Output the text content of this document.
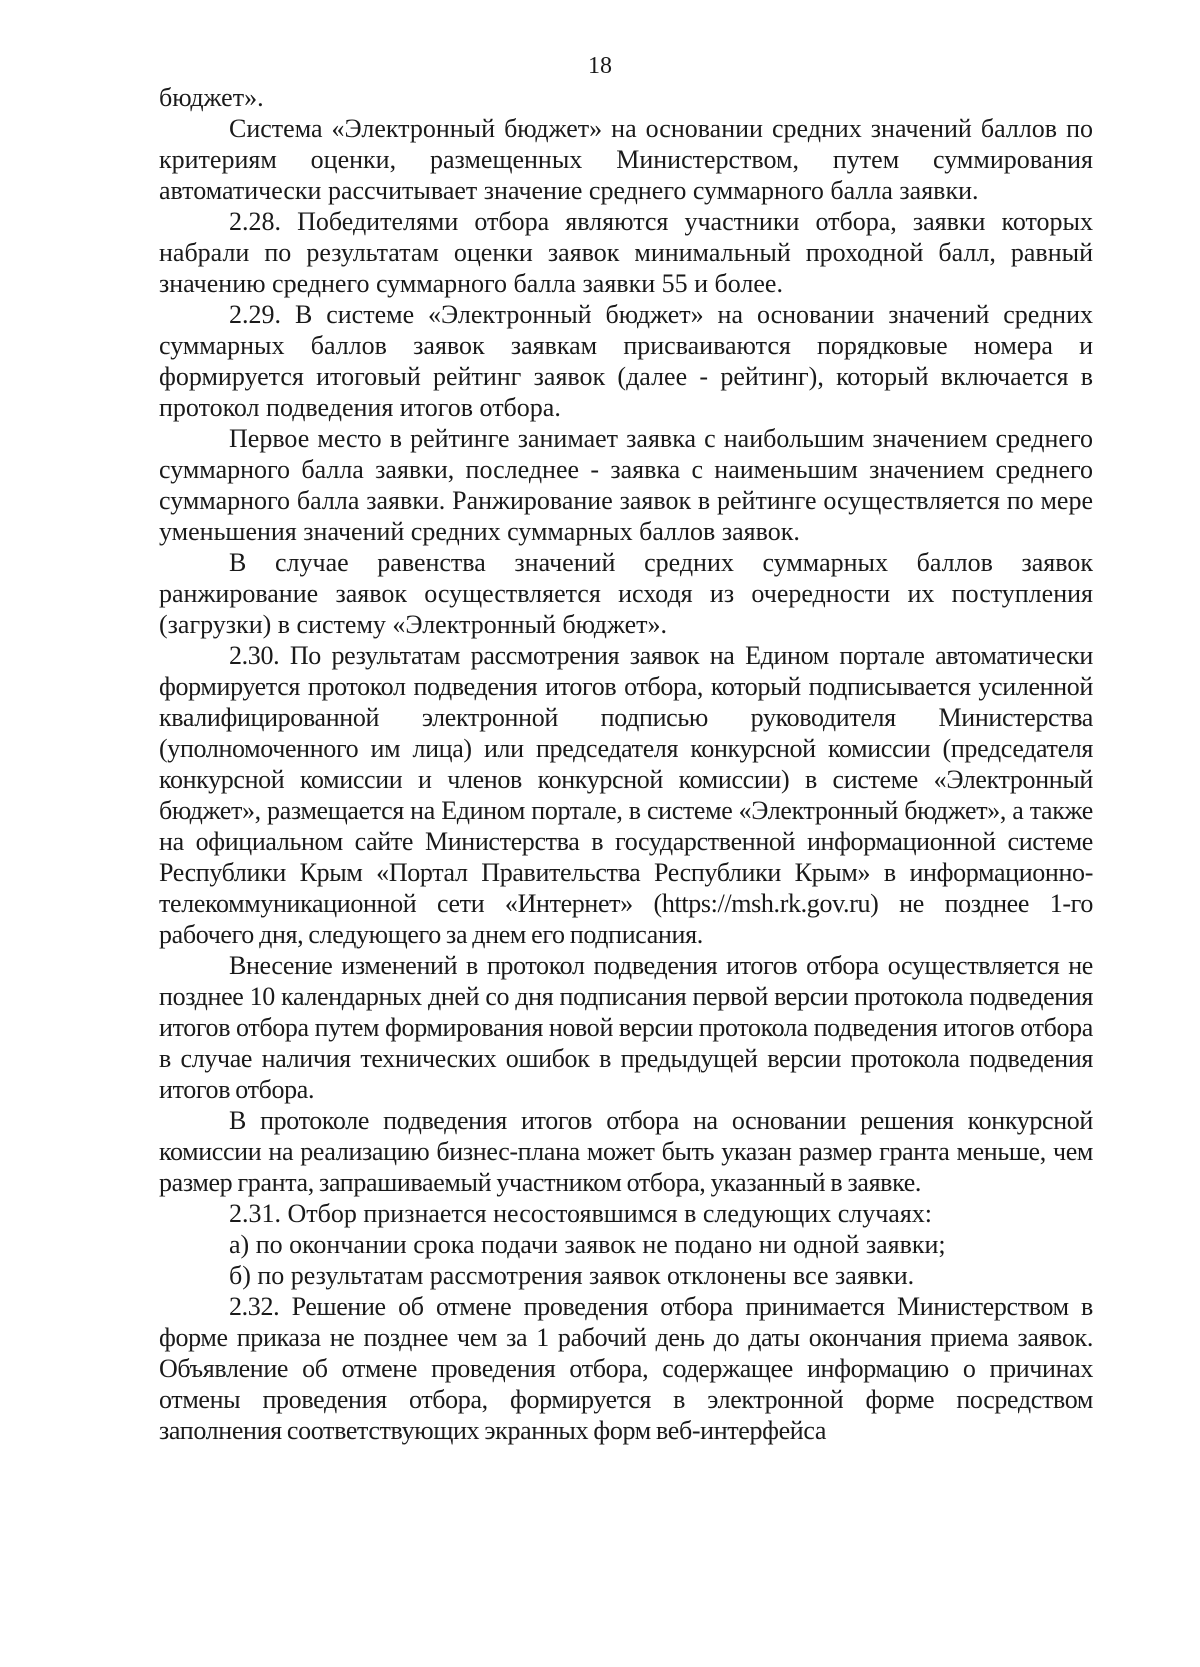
18

бюджет».

Система «Электронный бюджет» на основании средних значений баллов по критериям оценки, размещенных Министерством, путем суммирования автоматически рассчитывает значение среднего суммарного балла заявки.

2.28. Победителями отбора являются участники отбора, заявки которых набрали по результатам оценки заявок минимальный проходной балл, равный значению среднего суммарного балла заявки 55 и более.

2.29. В системе «Электронный бюджет» на основании значений средних суммарных баллов заявок заявкам присваиваются порядковые номера и формируется итоговый рейтинг заявок (далее - рейтинг), который включается в протокол подведения итогов отбора.

Первое место в рейтинге занимает заявка с наибольшим значением среднего суммарного балла заявки, последнее - заявка с наименьшим значением среднего суммарного балла заявки. Ранжирование заявок в рейтинге осуществляется по мере уменьшения значений средних суммарных баллов заявок.

В случае равенства значений средних суммарных баллов заявок ранжирование заявок осуществляется исходя из очередности их поступления (загрузки) в систему «Электронный бюджет».

2.30. По результатам рассмотрения заявок на Едином портале автоматически формируется протокол подведения итогов отбора, который подписывается усиленной квалифицированной электронной подписью руководителя Министерства (уполномоченного им лица) или председателя конкурсной комиссии (председателя конкурсной комиссии и членов конкурсной комиссии) в системе «Электронный бюджет», размещается на Едином портале, в системе «Электронный бюджет», а также на официальном сайте Министерства в государственной информационной системе Республики Крым «Портал Правительства Республики Крым» в информационно-телекоммуникационной сети «Интернет» (https://msh.rk.gov.ru) не позднее 1-го рабочего дня, следующего за днем его подписания.

Внесение изменений в протокол подведения итогов отбора осуществляется не позднее 10 календарных дней со дня подписания первой версии протокола подведения итогов отбора путем формирования новой версии протокола подведения итогов отбора в случае наличия технических ошибок в предыдущей версии протокола подведения итогов отбора.

В протоколе подведения итогов отбора на основании решения конкурсной комиссии на реализацию бизнес-плана может быть указан размер гранта меньше, чем размер гранта, запрашиваемый участником отбора, указанный в заявке.

2.31. Отбор признается несостоявшимся в следующих случаях:

а) по окончании срока подачи заявок не подано ни одной заявки;

б) по результатам рассмотрения заявок отклонены все заявки.

2.32. Решение об отмене проведения отбора принимается Министерством в форме приказа не позднее чем за 1 рабочий день до даты окончания приема заявок. Объявление об отмене проведения отбора, содержащее информацию о причинах отмены проведения отбора, формируется в электронной форме посредством заполнения соответствующих экранных форм веб-интерфейса
